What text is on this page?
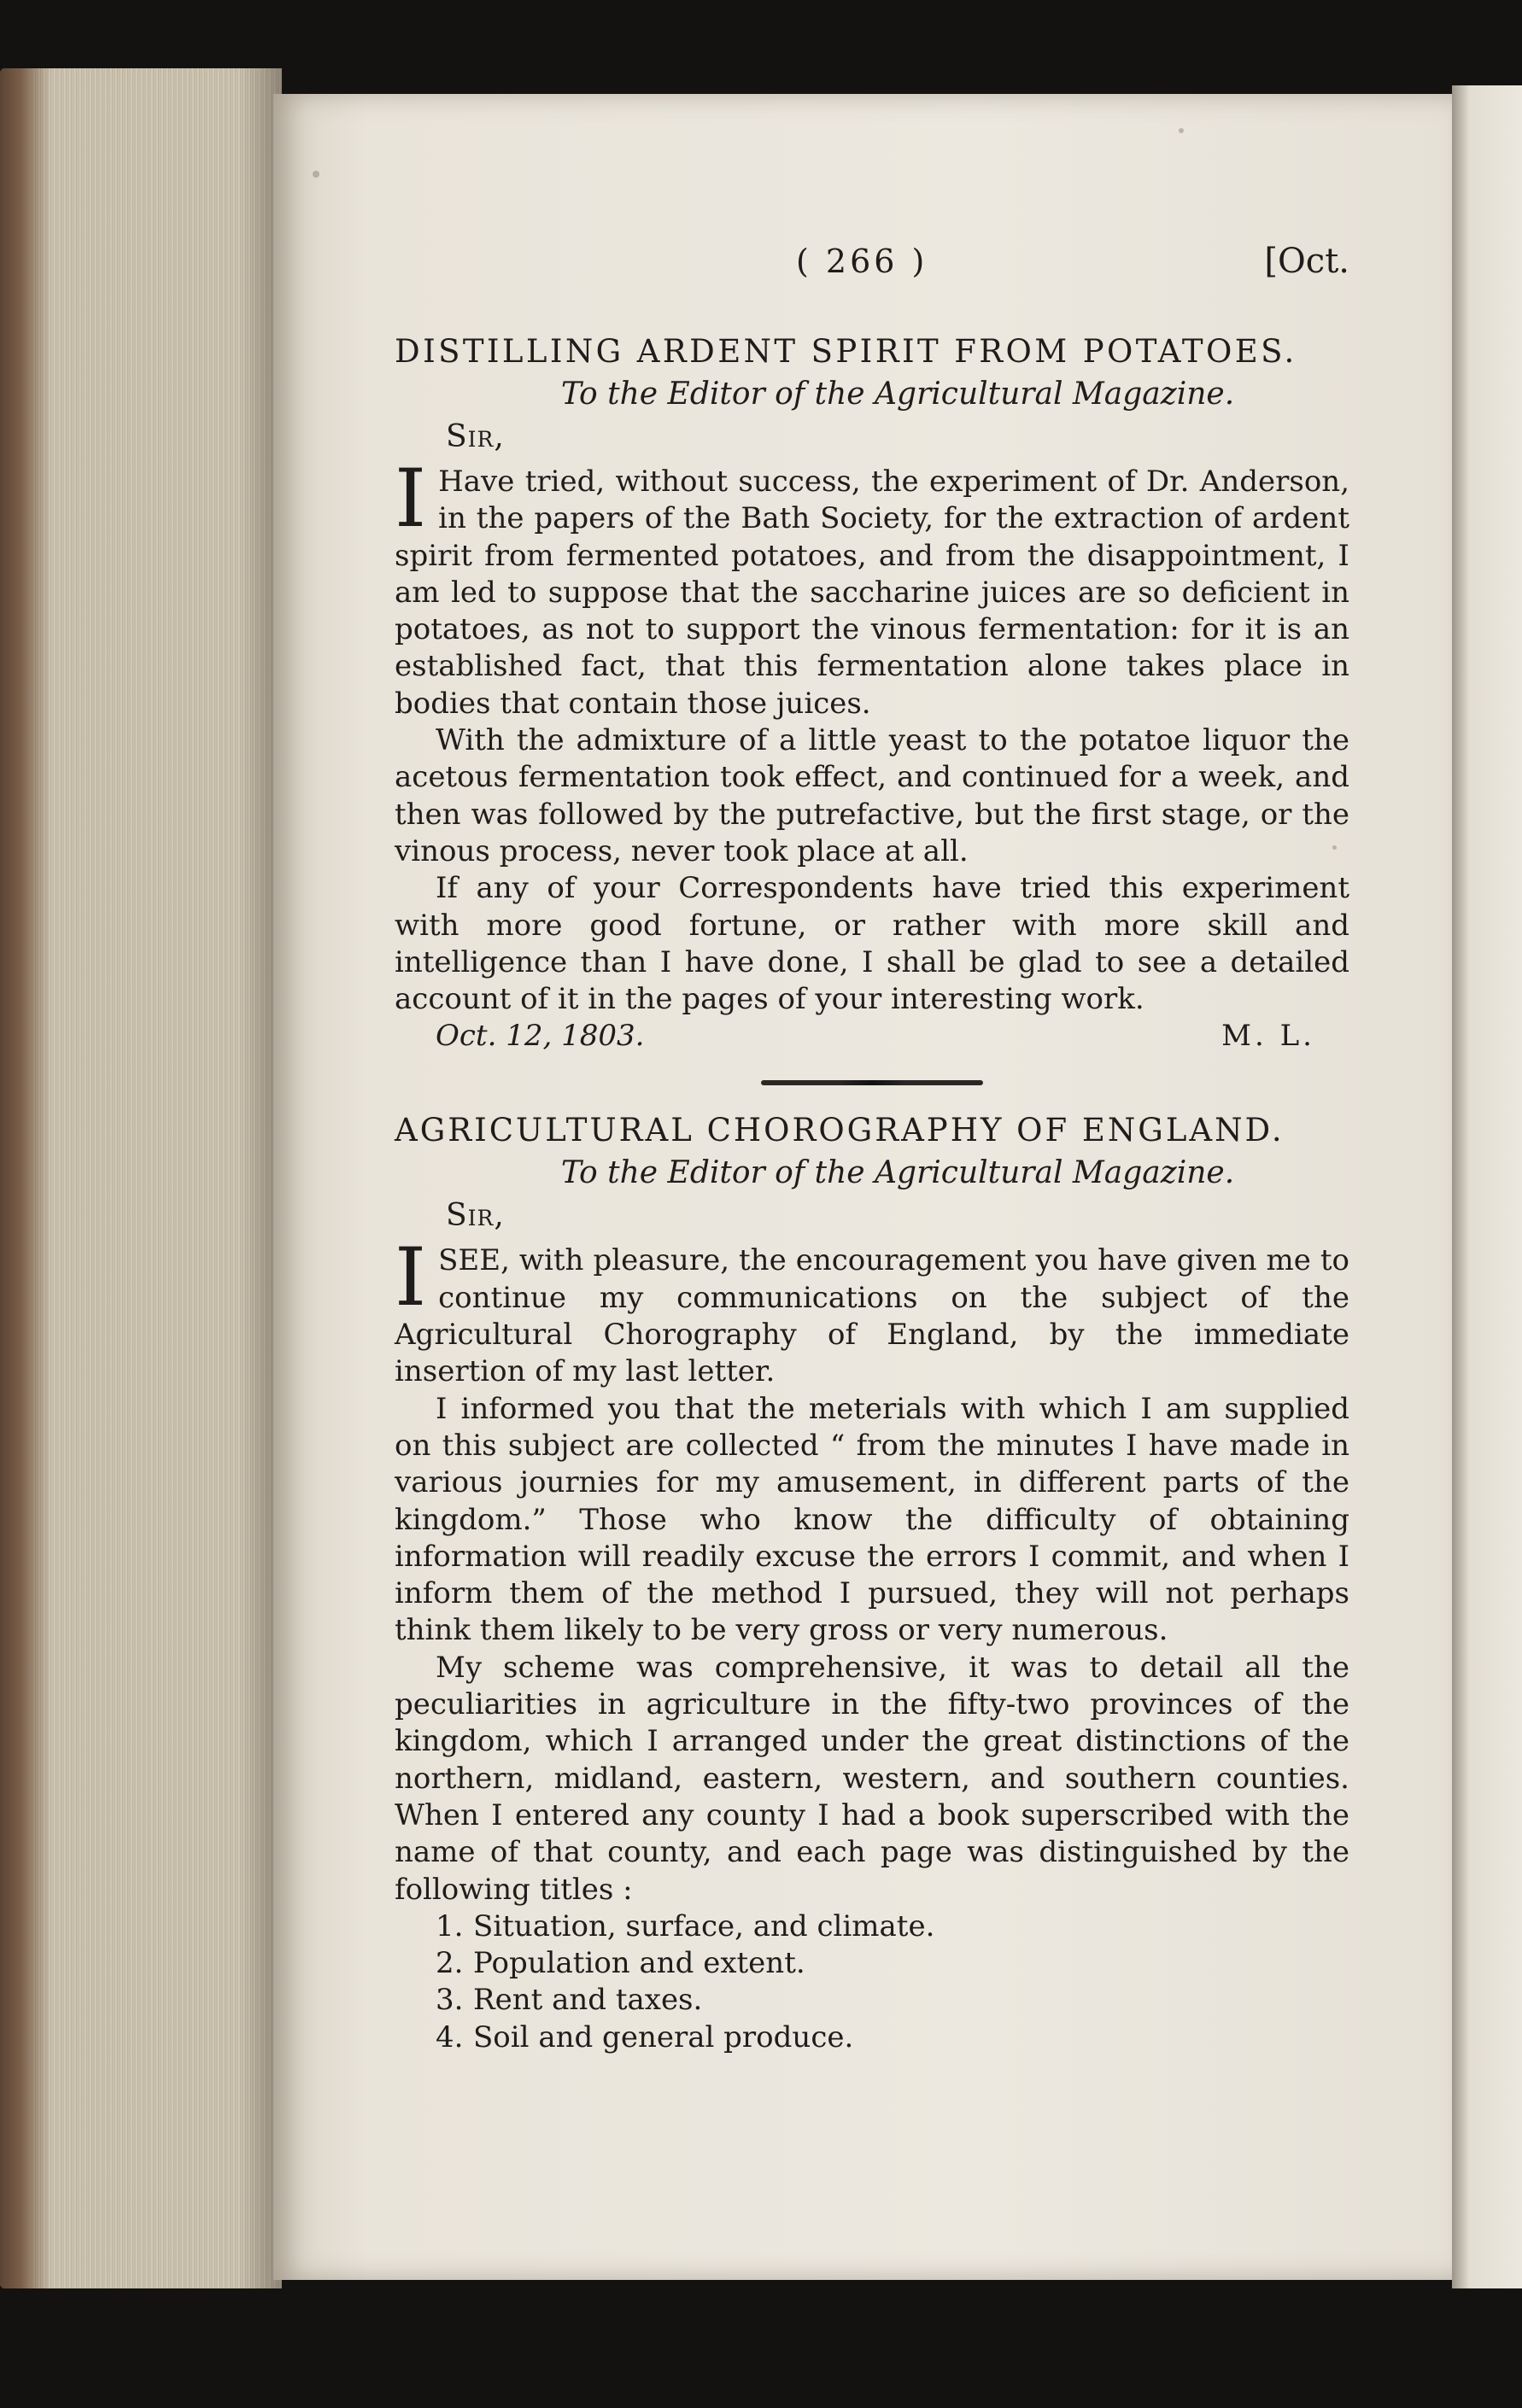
( 266 )	[Oct.
DISTILLING ARDENT SPIRIT FROM POTATOES.

To the Editor of the Agricultural Magazine.

Sir,

I Have tried, without success, the experiment of Dr. Anderson, in the papers of the Bath Society, for the extraction of ardent spirit from fermented potatoes, and from the disappointment, I am led to suppose that the saccharine juices are so deficient in potatoes, as not to support the vinous fermentation: for it is an established fact, that this fermentation alone takes place in bodies that contain those juices.

With the admixture of a little yeast to the potatoe liquor the acetous fermentation took effect, and continued for a week, and then was followed by the putrefactive, but the first stage, or the vinous process, never took place at all.

If any of your Correspondents have tried this experiment with more good fortune, or rather with more skill and intelligence than I have done, I shall be glad to see a detailed account of it in the pages of your interesting work.

Oct. 12, 1803.	M. L.
AGRICULTURAL CHOROGRAPHY OF ENGLAND.

To the Editor of the Agricultural Magazine.

Sir,

ISEE, with pleasure, the encouragement you have given me to continue my communications on the subject of the Agricultural Chorography of England, by the immediate insertion of my last letter.

I informed you that the meterials with which I am supplied on this subject are collected “ from the minutes I have made in various journies for my amusement, in different parts of the kingdom.” Those who know the difficulty of obtaining information will readily excuse the errors I commit, and when I inform them of the method I pursued, they will not perhaps think them likely to be very gross or very numerous.

My scheme was comprehensive, it was to detail all the peculiarities in agriculture in the fifty-two provinces of the kingdom, which I arranged under the great distinctions of the northern, midland, eastern, western, and southern counties. When I entered any county I had a book superscribed with the name of that county, and each page was distinguished by the following titles :

1. Situation, surface, and climate.
2. Population and extent.
3. Rent and taxes.
4. Soil and general produce.
